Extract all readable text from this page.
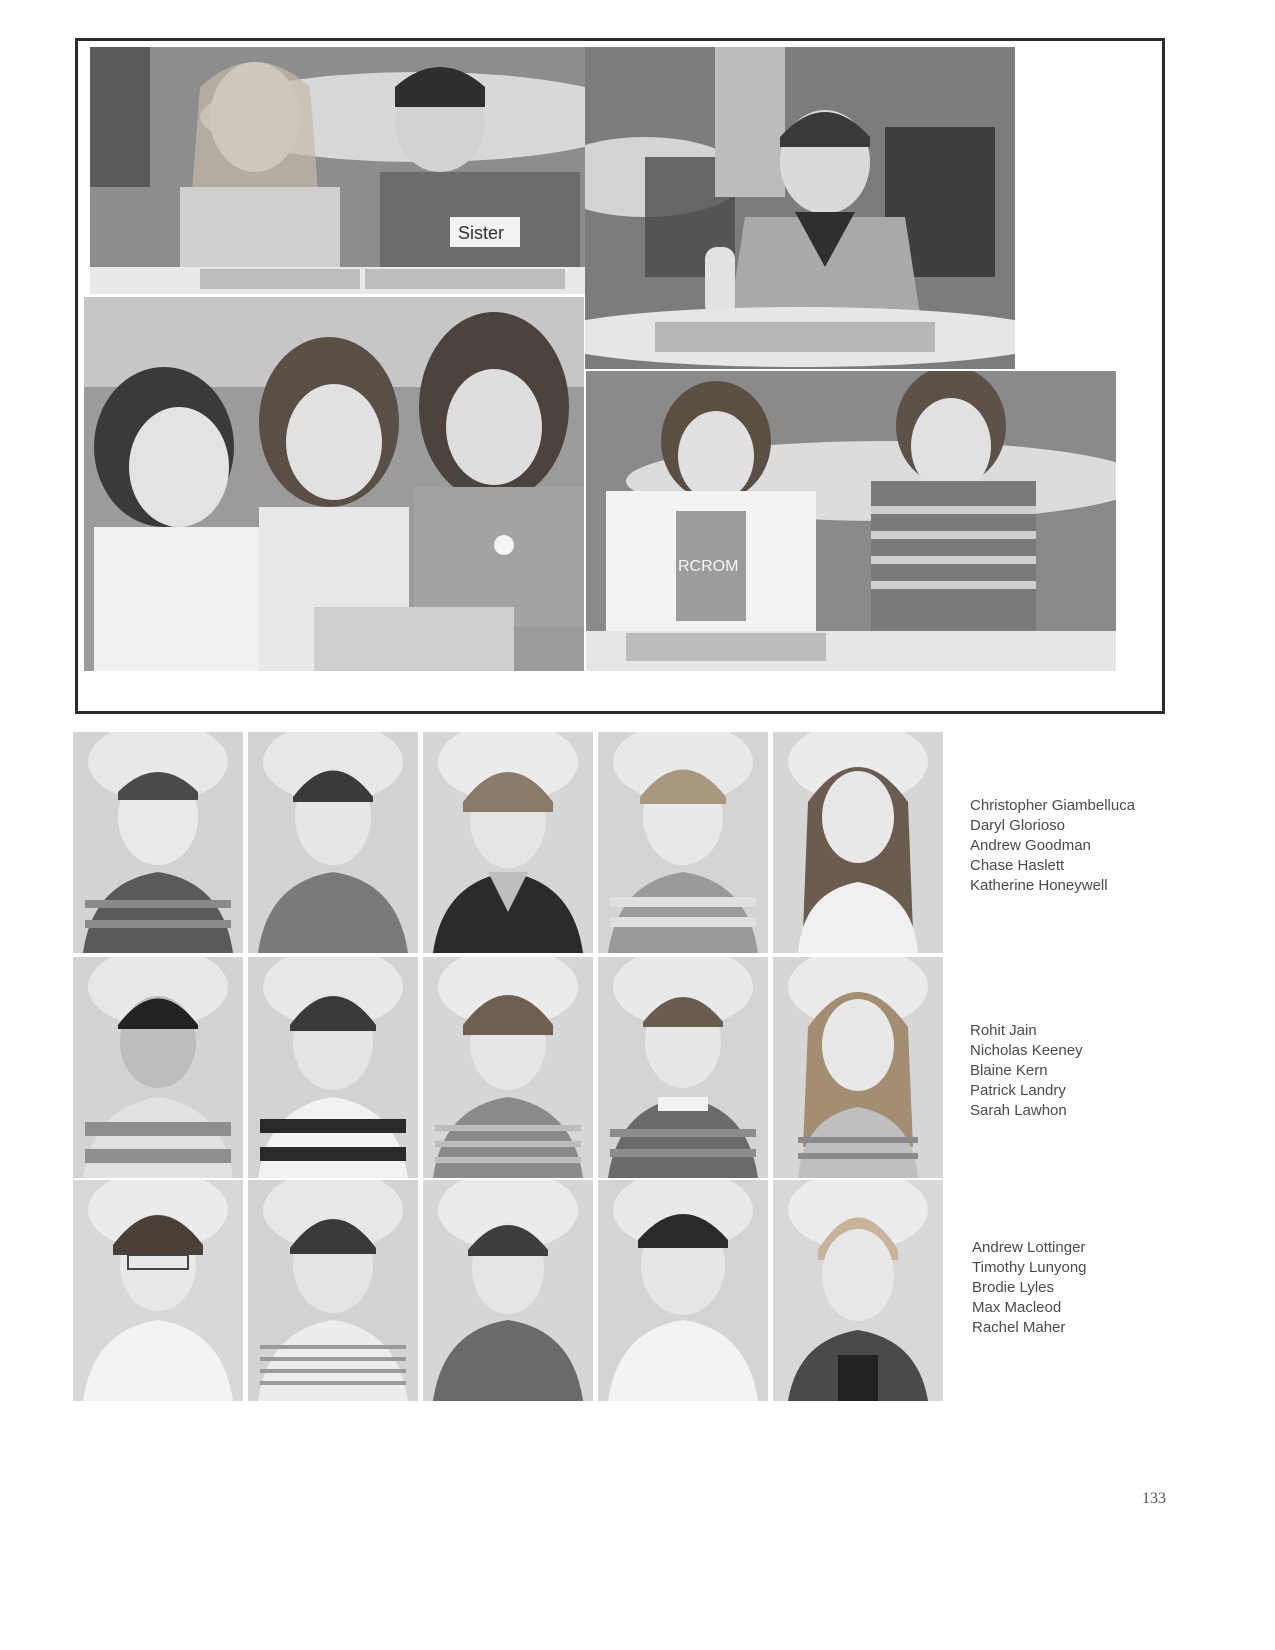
Sister
RCROM
Christopher Giambelluca
Daryl Glorioso
Andrew Goodman
Chase Haslett
Katherine Honeywell
Rohit Jain
Nicholas Keeney
Blaine Kern
Patrick Landry
Sarah Lawhon
Andrew Lottinger
Timothy Lunyong
Brodie Lyles
Max Macleod
Rachel Maher
133
